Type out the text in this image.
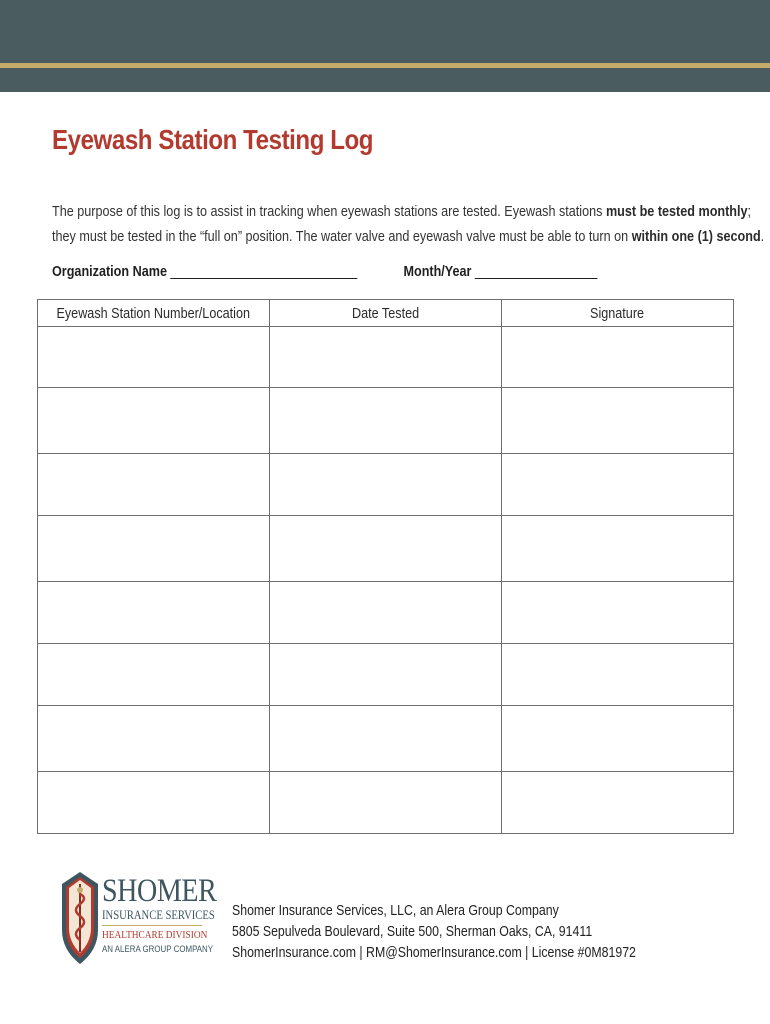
Eyewash Station Testing Log
The purpose of this log is to assist in tracking when eyewash stations are tested. Eyewash stations must be tested monthly;
they must be tested in the “full on” position. The water valve and eyewash valve must be able to turn on within one (1) second.
Organization Name	Month/Year
Eyewash Station Number/Location	Date Tested	Signature

SHOMER
INSURANCE SERVICES
HEALTHCARE DIVISION
AN ALERA GROUP COMPANY
Shomer Insurance Services, LLC, an Alera Group Company
5805 Sepulveda Boulevard, Suite 500, Sherman Oaks, CA, 91411
ShomerInsurance.com | RM@ShomerInsurance.com | License #0M81972
